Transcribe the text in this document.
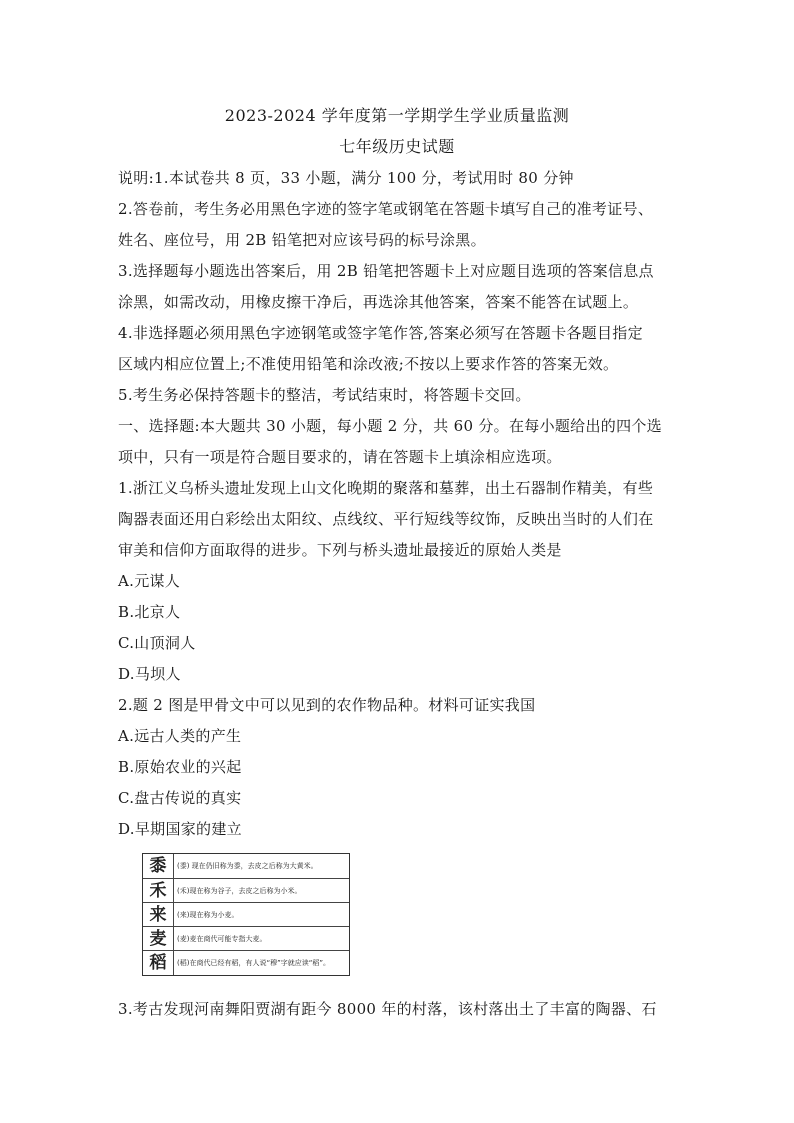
2023-2024 学年度第一学期学生学业质量监测
七年级历史试题
说明:1.本试卷共 8 页，33 小题，满分 100 分，考试用时 80 分钟
2.答卷前，考生务必用黑色字迹的签字笔或钢笔在答题卡填写自己的准考证号、
姓名、座位号，用 2B 铅笔把对应该号码的标号涂黑。
3.选择题每小题选出答案后，用 2B 铅笔把答题卡上对应题目选项的答案信息点
涂黑，如需改动，用橡皮擦干净后，再选涂其他答案，答案不能答在试题上。
4.非选择题必须用黑色字迹钢笔或签字笔作答,答案必须写在答题卡各题目指定
区域内相应位置上;不准使用铅笔和涂改液;不按以上要求作答的答案无效。
5.考生务必保持答题卡的整洁，考试结束时，将答题卡交回。
一、选择题:本大题共 30 小题，每小题 2 分，共 60 分。在每小题给出的四个选
项中，只有一项是符合题目要求的，请在答题卡上填涂相应选项。
1.浙江义乌桥头遗址发现上山文化晚期的聚落和墓葬，出土石器制作精美，有些
陶器表面还用白彩绘出太阳纹、点线纹、平行短线等纹饰，反映出当时的人们在
审美和信仰方面取得的进步。下列与桥头遗址最接近的原始人类是
A.元谋人
B.北京人
C.山顶洞人
D.马坝人
2.题 2 图是甲骨文中可以见到的农作物品种。材料可证实我国
A.远古人类的产生
B.原始农业的兴起
C.盘古传说的真实
D.早期国家的建立
黍	(黍) 现在仍旧称为黍，去皮之后称为大黄米。
禾	(禾)现在称为谷子，去皮之后称为小米。
来	(来)现在称为小麦。
麦	(麦)麦在商代可能专指大麦。
稻	(稻)在商代已经有稻，有人说“穆”字就应读“稻”。
3.考古发现河南舞阳贾湖有距今 8000 年的村落，该村落出土了丰富的陶器、石
